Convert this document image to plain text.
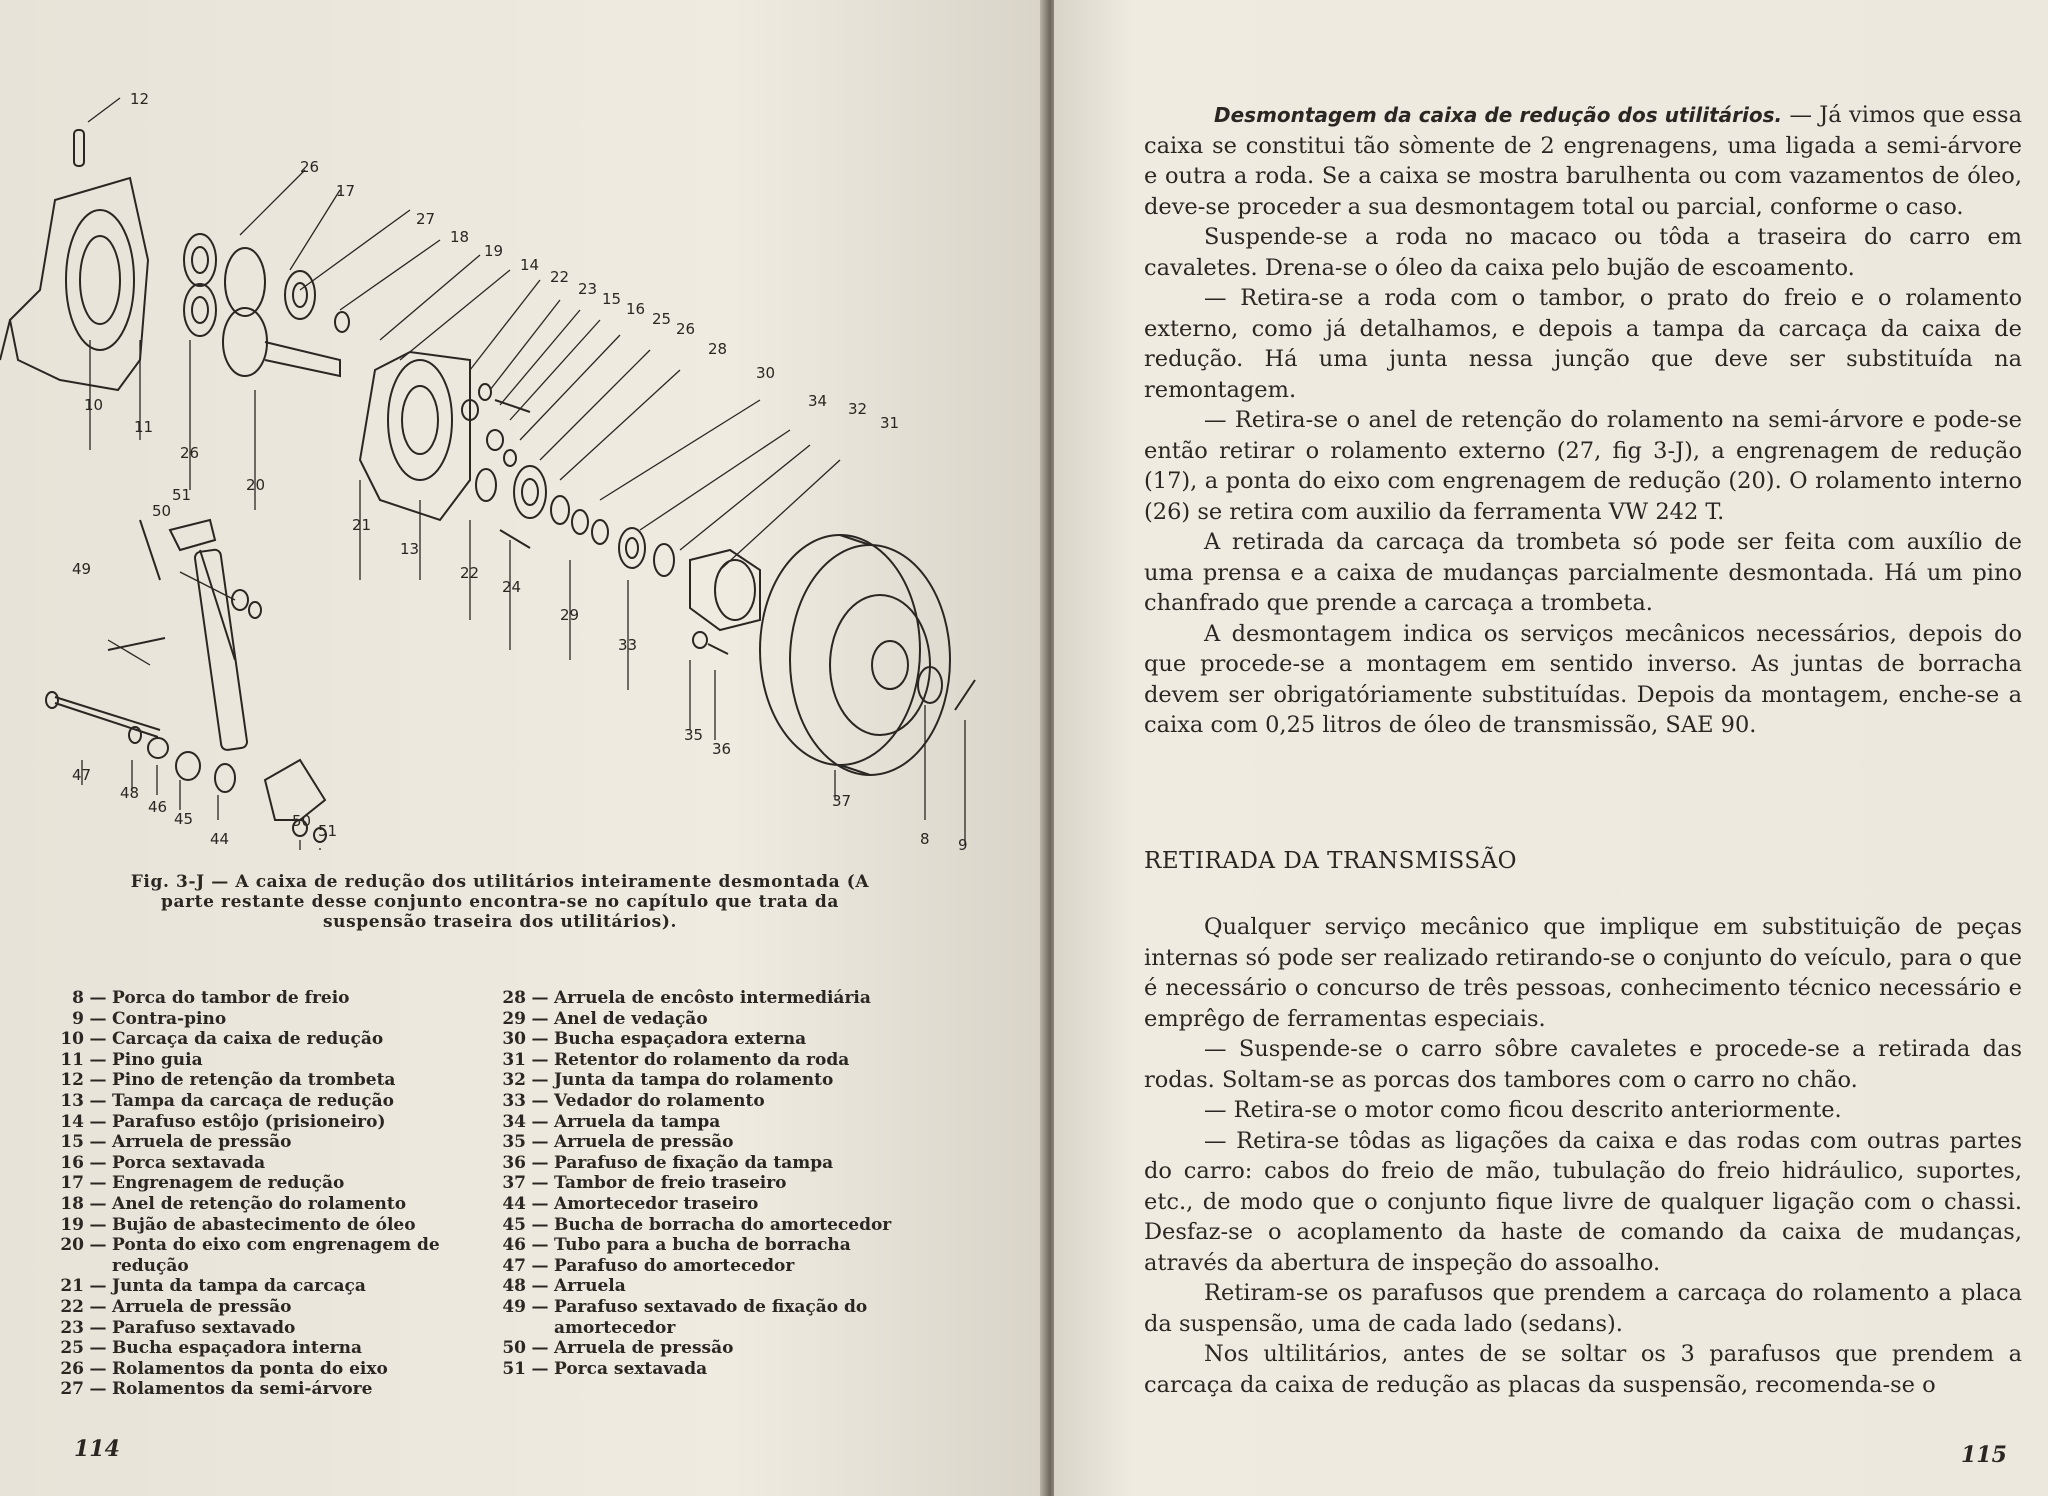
12
26
17
27
18
19
14
22
23
15
16
25
26
28
30
34 32
31
10
11
26
20
51
50
49
21
13
22
24
29
33
35
36
37
8 9
47
48
46
45
44
50
51
Fig. 3-J — A caixa de redução dos utilitários inteiramente desmontada (A parte restante desse conjunto encontra-se no capítulo que trata da suspensão traseira dos utilitários).
8 — Porca do tambor de freio
9 — Contra-pino
10 — Carcaça da caixa de redução
11 — Pino guia
12 — Pino de retenção da trombeta
13 — Tampa da carcaça de redução
14 — Parafuso estôjo (prisioneiro)
15 — Arruela de pressão
16 — Porca sextavada
17 — Engrenagem de redução
18 — Anel de retenção do rolamento
19 — Bujão de abastecimento de óleo
20 — Ponta do eixo com engrenagem de redução
21 — Junta da tampa da carcaça
22 — Arruela de pressão
23 — Parafuso sextavado
25 — Bucha espaçadora interna
26 — Rolamentos da ponta do eixo
27 — Rolamentos da semi-árvore
28 — Arruela de encôsto intermediária
29 — Anel de vedação
30 — Bucha espaçadora externa
31 — Retentor do rolamento da roda
32 — Junta da tampa do rolamento
33 — Vedador do rolamento
34 — Arruela da tampa
35 — Arruela de pressão
36 — Parafuso de fixação da tampa
37 — Tambor de freio traseiro
44 — Amortecedor traseiro
45 — Bucha de borracha do amortecedor
46 — Tubo para a bucha de borracha
47 — Parafuso do amortecedor
48 — Arruela
49 — Parafuso sextavado de fixação do amortecedor
50 — Arruela de pressão
51 — Porca sextavada
114

Desmontagem da caixa de redução dos utilitários. — Já vimos que essa caixa se constitui tão sòmente de 2 engrenagens, uma ligada a semi-árvore e outra a roda. Se a caixa se mostra barulhenta ou com vazamentos de óleo, deve-se proceder a sua desmontagem total ou parcial, conforme o caso.

Suspende-se a roda no macaco ou tôda a traseira do carro em cavaletes. Drena-se o óleo da caixa pelo bujão de escoamento.

— Retira-se a roda com o tambor, o prato do freio e o rolamento externo, como já detalhamos, e depois a tampa da carcaça da caixa de redução. Há uma junta nessa junção que deve ser substituída na remontagem.

— Retira-se o anel de retenção do rolamento na semi-árvore e pode-se então retirar o rolamento externo (27, fig 3-J), a engrenagem de redução (17), a ponta do eixo com engrenagem de redução (20). O rolamento interno (26) se retira com auxilio da ferramenta VW 242 T.

A retirada da carcaça da trombeta só pode ser feita com auxílio de uma prensa e a caixa de mudanças parcialmente desmontada. Há um pino chanfrado que prende a carcaça a trombeta.

A desmontagem indica os serviços mecânicos necessários, depois do que procede-se a montagem em sentido inverso. As juntas de borracha devem ser obrigatóriamente substituídas. Depois da montagem, enche-se a caixa com 0,25 litros de óleo de transmissão, SAE 90.

RETIRADA DA TRANSMISSÃO

Qualquer serviço mecânico que implique em substituição de peças internas só pode ser realizado retirando-se o conjunto do veículo, para o que é necessário o concurso de três pessoas, conhecimento técnico necessário e emprêgo de ferramentas especiais.

— Suspende-se o carro sôbre cavaletes e procede-se a retirada das rodas. Soltam-se as porcas dos tambores com o carro no chão.

— Retira-se o motor como ficou descrito anteriormente.

— Retira-se tôdas as ligações da caixa e das rodas com outras partes do carro: cabos do freio de mão, tubulação do freio hidráulico, suportes, etc., de modo que o conjunto fique livre de qualquer ligação com o chassi. Desfaz-se o acoplamento da haste de comando da caixa de mudanças, através da abertura de inspeção do assoalho.

Retiram-se os parafusos que prendem a carcaça do rolamento a placa da suspensão, uma de cada lado (sedans).

Nos ultilitários, antes de se soltar os 3 parafusos que prendem a carcaça da caixa de redução as placas da suspensão, recomenda-se o

115
